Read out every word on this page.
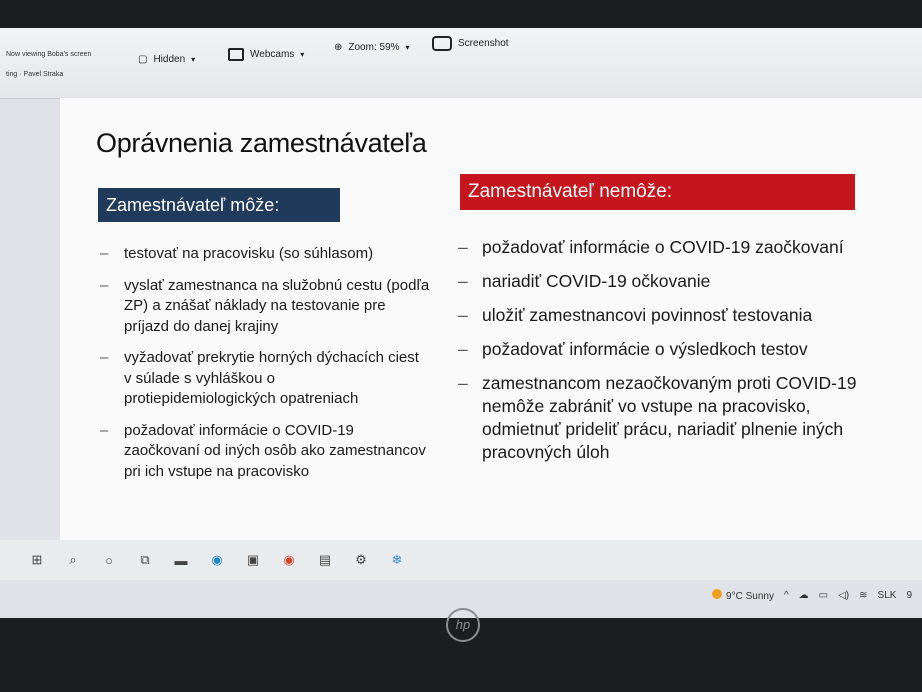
Now viewing Boba's screen
ting · Pavel Straka
▢ Hidden ▾	Webcams ▾
⊕ Zoom: 59% ▾	Screenshot
Oprávnenia zamestnávateľa
Zamestnávateľ môže:
Zamestnávateľ nemôže:
– testovať na pracovisku (so súhlasom)
– vyslať zamestnanca na služobnú cestu (podľa ZP) a znášať náklady na testovanie pre príjazd do danej krajiny
– vyžadovať prekrytie horných dýchacích ciest v súlade s vyhláškou o protiepidemiologických opatreniach
– požadovať informácie o COVID-19 zaočkovaní od iných osôb ako zamestnancov pri ich vstupe na pracovisko
– požadovať informácie o COVID-19 zaočkovaní
– nariadiť COVID-19 očkovanie
– uložiť zamestnancovi povinnosť testovania
– požadovať informácie o výsledkoch testov
– zamestnancom nezaočkovaným proti COVID-19 nemôže zabrániť vo vstupe na pracovisko, odmietnuť prideliť prácu, nariadiť plnenie iných pracovných úloh
⊞	⌕	○	⧉	▬	◉	▣	◉	▤	⚙	❄
9°C Sunny ^ ☁ ▭ ◁) ≋ SLK 9
hp
